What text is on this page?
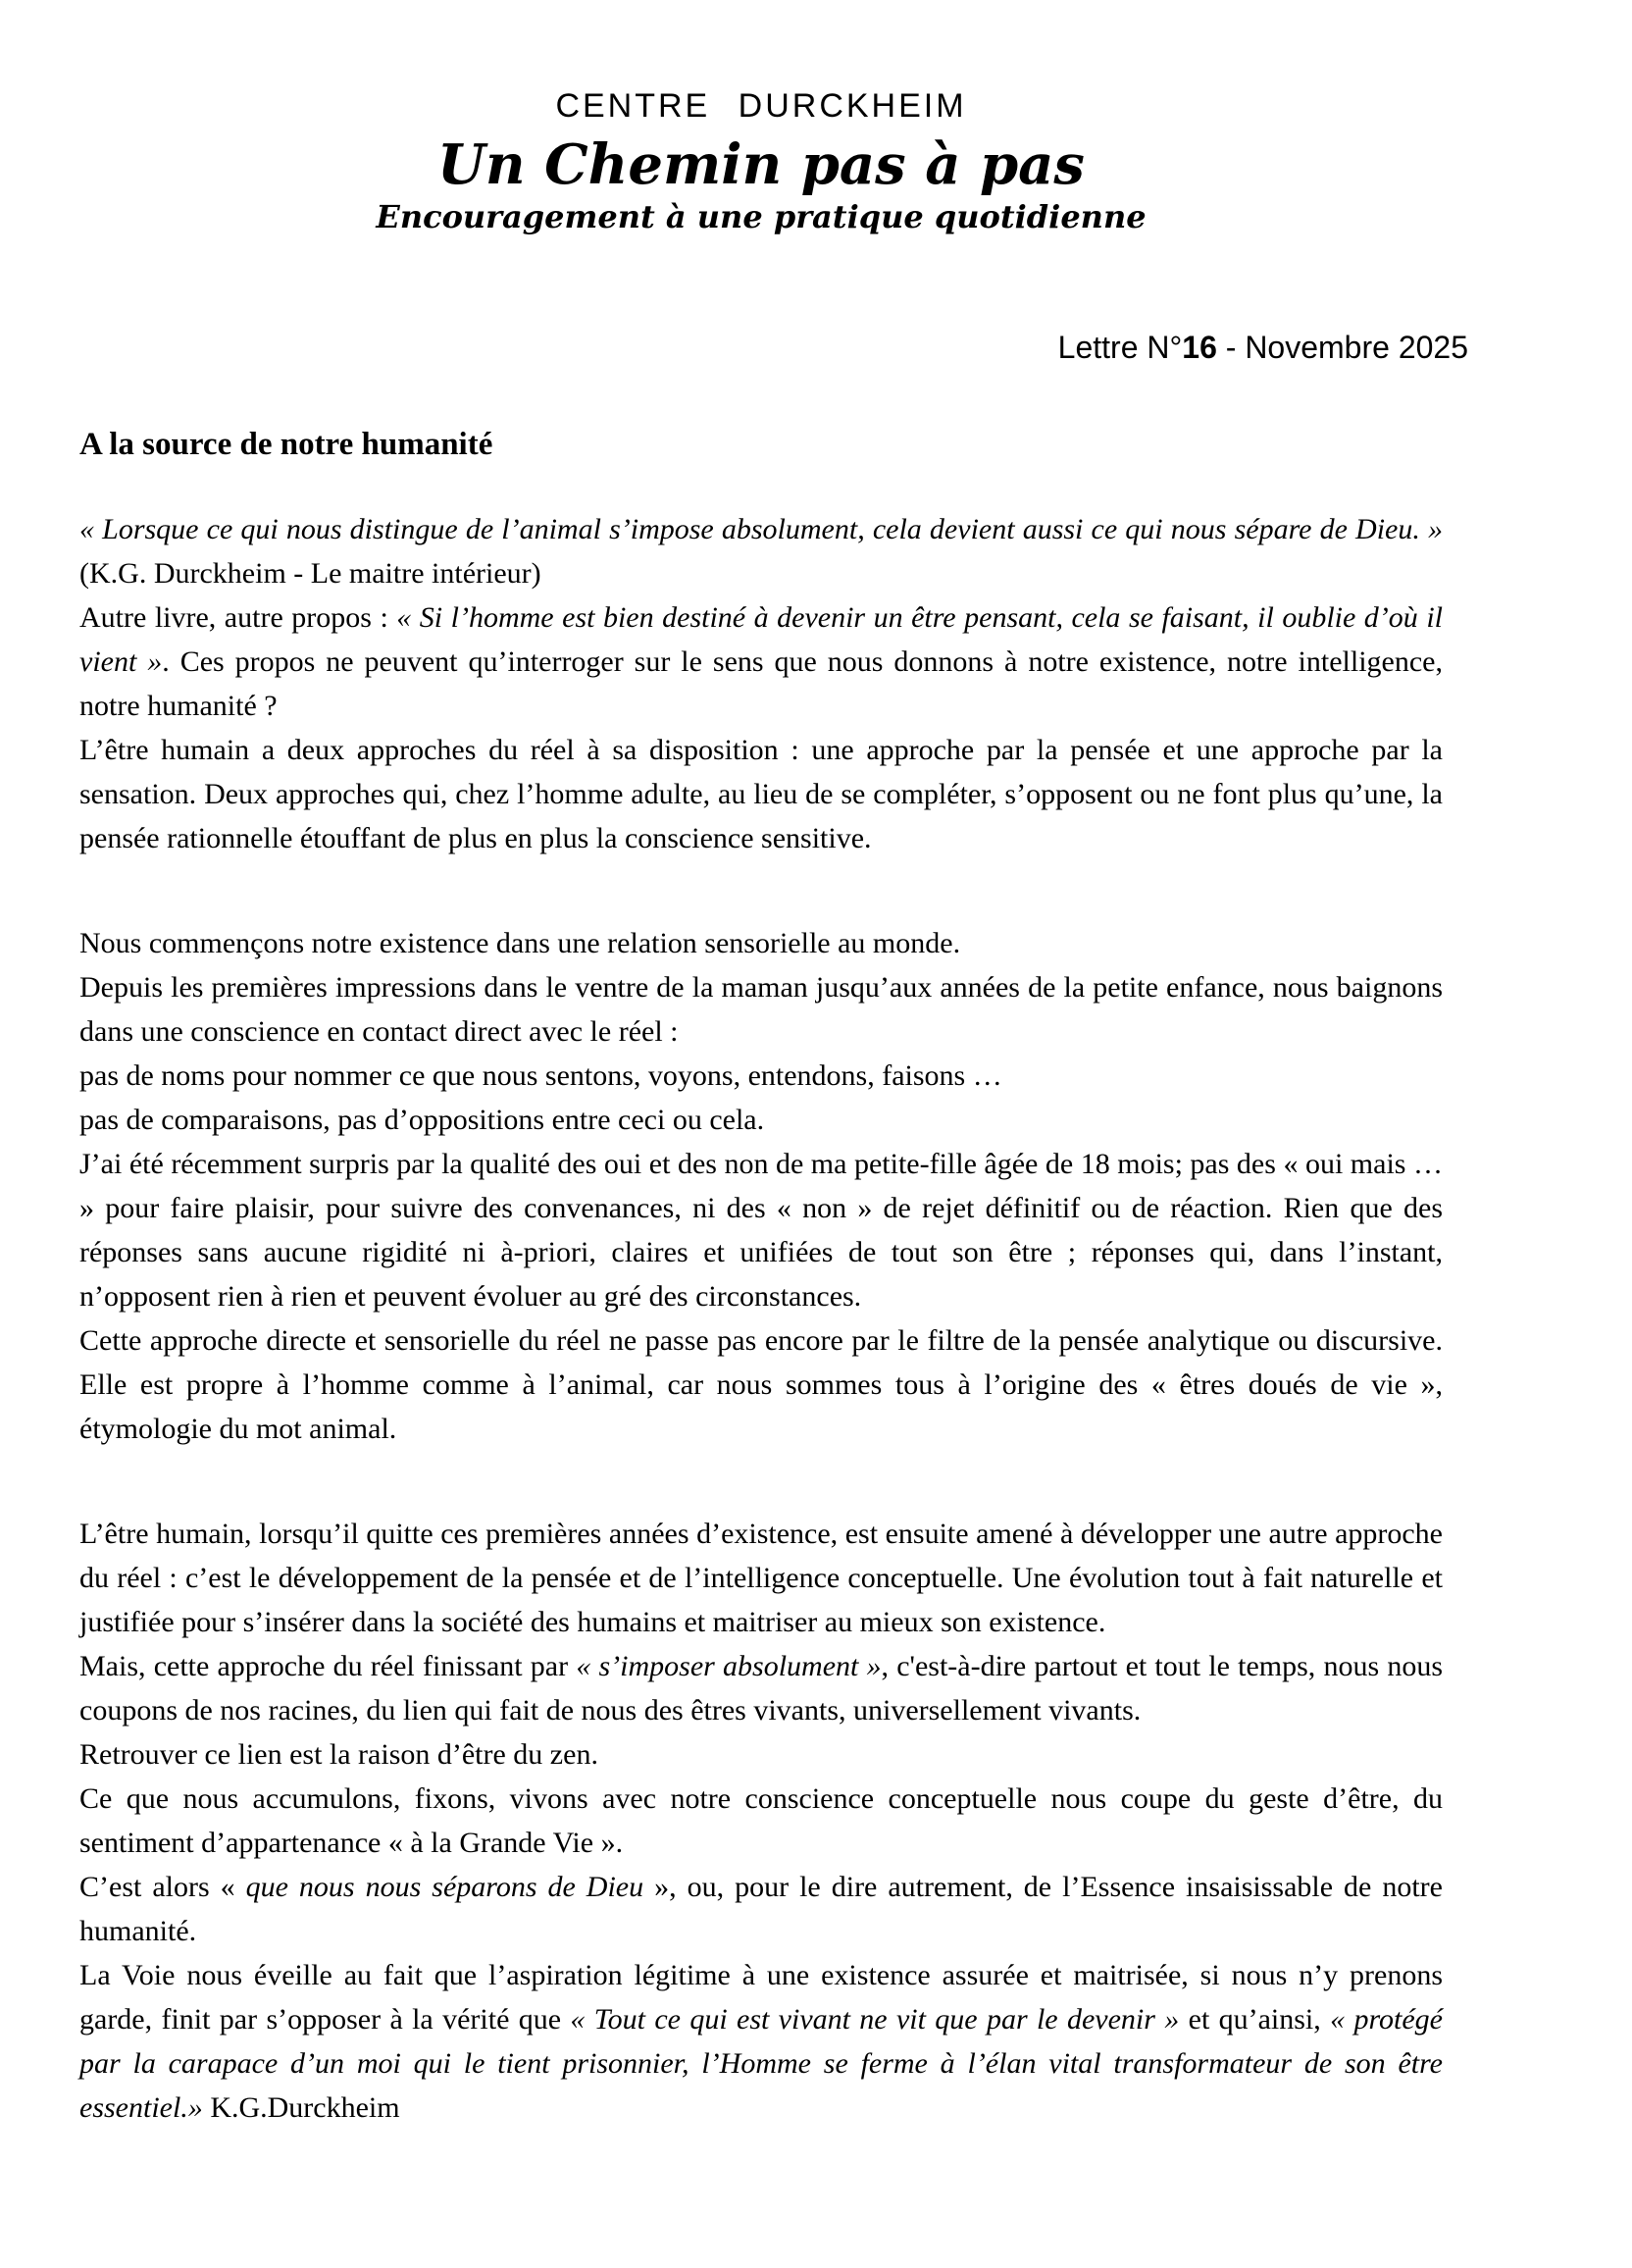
CENTRE DURCKHEIM
Un Chemin pas à pas
Encouragement à une pratique quotidienne
Lettre N°16 - Novembre 2025
A la source de notre humanité

« Lorsque ce qui nous distingue de l’animal s’impose absolument, cela devient aussi ce qui nous sépare de Dieu. » (K.G. Durckheim - Le maitre intérieur)

Autre livre, autre propos : « Si l’homme est bien destiné à devenir un être pensant, cela se faisant, il oublie d’où il vient ». Ces propos ne peuvent qu’interroger sur le sens que nous donnons à notre existence, notre intelligence, notre humanité ?

L’être humain a deux approches du réel à sa disposition : une approche par la pensée et une approche par la sensation. Deux approches qui, chez l’homme adulte, au lieu de se compléter, s’opposent ou ne font plus qu’une, la pensée rationnelle étouffant de plus en plus la conscience sensitive.

Nous commençons notre existence dans une relation sensorielle au monde.

Depuis les premières impressions dans le ventre de la maman jusqu’aux années de la petite enfance, nous baignons dans une conscience en contact direct avec le réel :

pas de noms pour nommer ce que nous sentons, voyons, entendons, faisons …

pas de comparaisons, pas d’oppositions entre ceci ou cela.

J’ai été récemment surpris par la qualité des oui et des non de ma petite-fille âgée de 18 mois; pas des « oui mais … » pour faire plaisir, pour suivre des convenances, ni des « non » de rejet définitif ou de réaction. Rien que des réponses sans aucune rigidité ni à-priori, claires et unifiées de tout son être ; réponses qui, dans l’instant, n’opposent rien à rien et peuvent évoluer au gré des circonstances.

Cette approche directe et sensorielle du réel ne passe pas encore par le filtre de la pensée analytique ou discursive. Elle est propre à l’homme comme à l’animal, car nous sommes tous à l’origine des « êtres doués de vie », étymologie du mot animal.

L’être humain, lorsqu’il quitte ces premières années d’existence, est ensuite amené à développer une autre approche du réel : c’est le développement de la pensée et de l’intelligence conceptuelle. Une évolution tout à fait naturelle et justifiée pour s’insérer dans la société des humains et maitriser au mieux son existence.

Mais, cette approche du réel finissant par « s’imposer absolument », c'est-à-dire partout et tout le temps, nous nous coupons de nos racines, du lien qui fait de nous des êtres vivants, universellement vivants.

Retrouver ce lien est la raison d’être du zen.

Ce que nous accumulons, fixons, vivons avec notre conscience conceptuelle nous coupe du geste d’être, du sentiment d’appartenance « à la Grande Vie ».

C’est alors « que nous nous séparons de Dieu », ou, pour le dire autrement, de l’Essence insaisissable de notre humanité.

La Voie nous éveille au fait que l’aspiration légitime à une existence assurée et maitrisée, si nous n’y prenons garde, finit par s’opposer à la vérité que « Tout ce qui est vivant ne vit que par le devenir » et qu’ainsi, « protégé par la carapace d’un moi qui le tient prisonnier, l’Homme se ferme à l’élan vital transformateur de son être essentiel.» K.G.Durckheim
